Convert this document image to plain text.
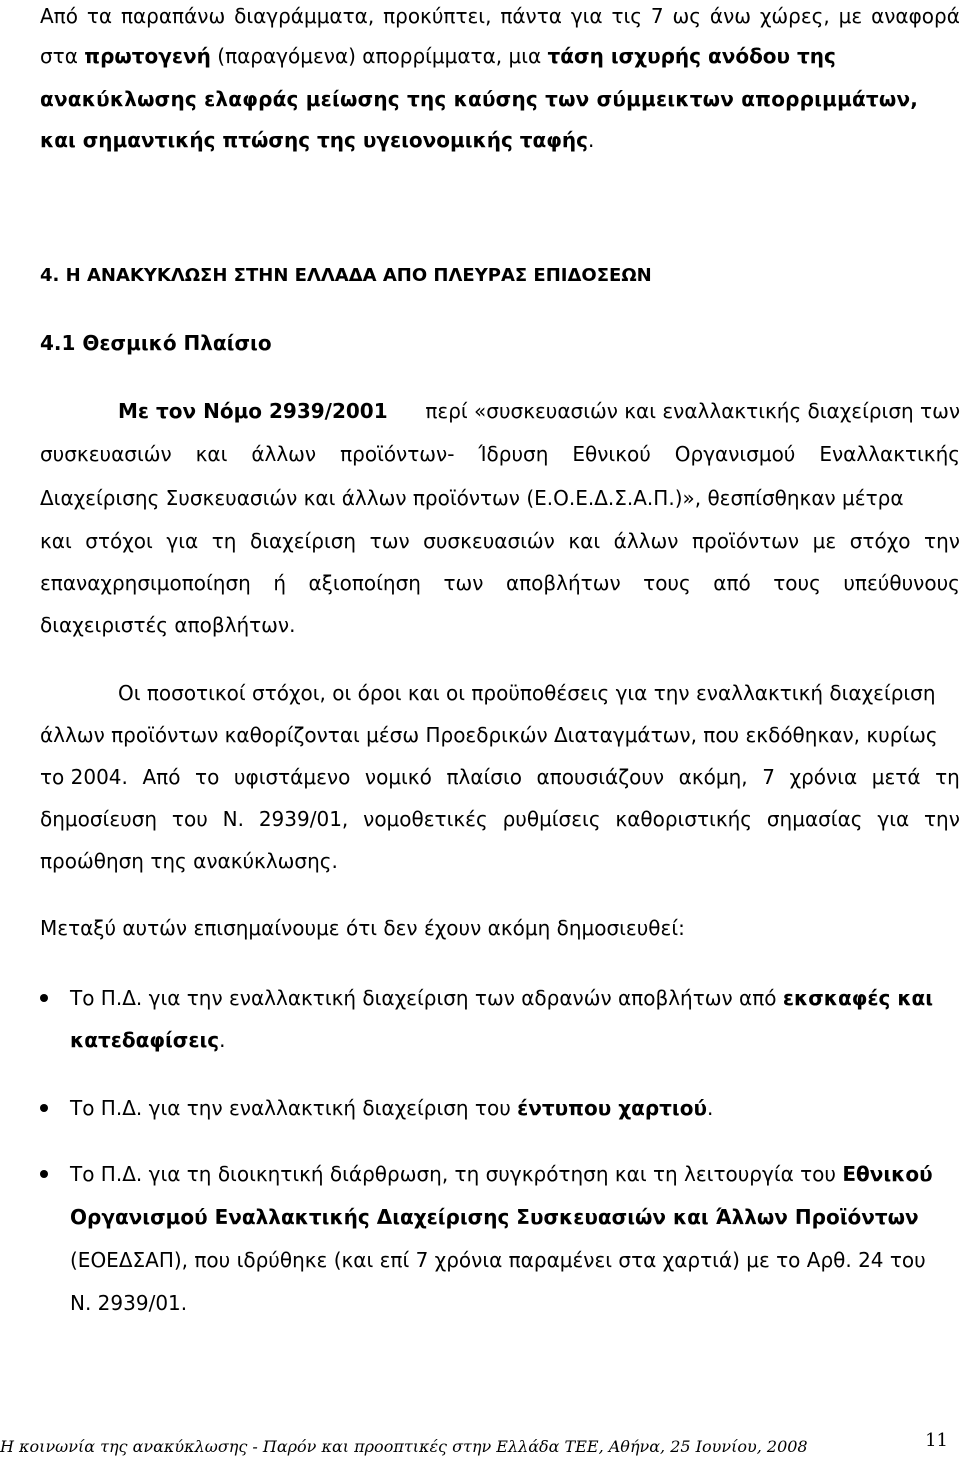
Από τα παραπάνω διαγράμματα, προκύπτει, πάντα για τις 7 ως άνω χώρες, με αναφορά
στα πρωτογενή (παραγόμενα) απορρίμματα, μια τάση ισχυρής ανόδου της
ανακύκλωσης ελαφράς μείωσης της καύσης των σύμμεικτων απορριμμάτων,
και σημαντικής πτώσης της υγειονομικής ταφής.
4. Η ΑΝΑΚΥΚΛΩΣΗ ΣΤΗΝ ΕΛΛΑΔΑ ΑΠΟ ΠΛΕΥΡΑΣ ΕΠΙΔΟΣΕΩΝ
4.1 Θεσμικό Πλαίσιο
Με τον Νόμο 2939/2001 περί «συσκευασιών και εναλλακτικής διαχείριση των
συσκευασιών και άλλων προϊόντων- Ίδρυση Εθνικού Οργανισμού Εναλλακτικής
Διαχείρισης Συσκευασιών και άλλων προϊόντων (Ε.Ο.Ε.Δ.Σ.Α.Π.)», θεσπίσθηκαν μέτρα
και στόχοι για τη διαχείριση των συσκευασιών και άλλων προϊόντων με στόχο την
επαναχρησιμοποίηση ή αξιοποίηση των αποβλήτων τους από τους υπεύθυνους
διαχειριστές αποβλήτων.
Οι ποσοτικοί στόχοι, οι όροι και οι προϋποθέσεις για την εναλλακτική διαχείριση
άλλων προϊόντων καθορίζονται μέσω Προεδρικών Διαταγμάτων, που εκδόθηκαν, κυρίως
το 2004. Από το υφιστάμενο νομικό πλαίσιο απουσιάζουν ακόμη, 7 χρόνια μετά τη
δημοσίευση του Ν. 2939/01, νομοθετικές ρυθμίσεις καθοριστικής σημασίας για την
προώθηση της ανακύκλωσης.
Μεταξύ αυτών επισημαίνουμε ότι δεν έχουν ακόμη δημοσιευθεί:
Το Π.Δ. για την εναλλακτική διαχείριση των αδρανών αποβλήτων από εκσκαφές και
κατεδαφίσεις.
Το Π.Δ. για την εναλλακτική διαχείριση του έντυπου χαρτιού.
Το Π.Δ. για τη διοικητική διάρθρωση, τη συγκρότηση και τη λειτουργία του Εθνικού
Οργανισμού Εναλλακτικής Διαχείρισης Συσκευασιών και Άλλων Προϊόντων
(ΕΟΕΔΣΑΠ), που ιδρύθηκε (και επί 7 χρόνια παραμένει στα χαρτιά) με το Αρθ. 24 του
Ν. 2939/01.
Η κοινωνία της ανακύκλωσης - Παρόν και προοπτικές στην Ελλάδα ΤΕΕ, Αθήνα, 25 Ιουνίου, 2008	11
